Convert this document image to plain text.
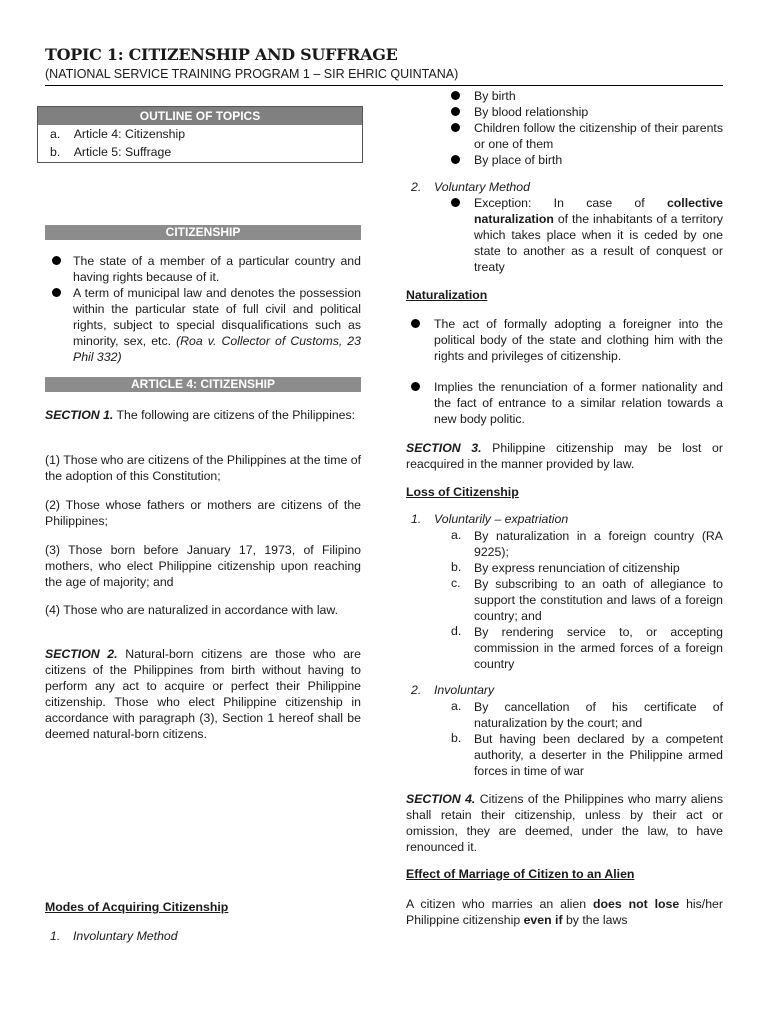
TOPIC 1: CITIZENSHIP AND SUFFRAGE
(NATIONAL SERVICE TRAINING PROGRAM 1 – SIR EHRIC QUINTANA)
OUTLINE OF TOPICS
a. Article 4: Citizenship
b. Article 5: Suffrage
CITIZENSHIP

The state of a member of a particular country and having rights because of it.

A term of municipal law and denotes the possession within the particular state of full civil and political rights, subject to special disqualifications such as minority, sex, etc. (Roa v. Collector of Customs, 23 Phil 332)

ARTICLE 4: CITIZENSHIP

SECTION 1. The following are citizens of the Philippines:

(1) Those who are citizens of the Philippines at the time of the adoption of this Constitution;

(2) Those whose fathers or mothers are citizens of the Philippines;

(3) Those born before January 17, 1973, of Filipino mothers, who elect Philippine citizenship upon reaching the age of majority; and

(4) Those who are naturalized in accordance with law.

SECTION 2. Natural-born citizens are those who are citizens of the Philippines from birth without having to perform any act to acquire or perfect their Philippine citizenship. Those who elect Philippine citizenship in accordance with paragraph (3), Section 1 hereof shall be deemed natural-born citizens.

Modes of Acquiring Citizenship
1. Involuntary Method

By birth

By blood relationship

Children follow the citizenship of their parents or one of them

By place of birth

2. Voluntary Method

Exception: In case of collective naturalization of the inhabitants of a territory which takes place when it is ceded by one state to another as a result of conquest or treaty

Naturalization

The act of formally adopting a foreigner into the political body of the state and clothing him with the rights and privileges of citizenship.

Implies the renunciation of a former nationality and the fact of entrance to a similar relation towards a new body politic.

SECTION 3. Philippine citizenship may be lost or reacquired in the manner provided by law.

Loss of Citizenship
1. Voluntarily – expatriation
a. By naturalization in a foreign country (RA 9225);

b. By express renunciation of citizenship

c. By subscribing to an oath of allegiance to support the constitution and laws of a foreign country; and

d. By rendering service to, or accepting commission in the armed forces of a foreign country

2. Involuntary
a. By cancellation of his certificate of naturalization by the court; and

b. But having been declared by a competent authority, a deserter in the Philippine armed forces in time of war

SECTION 4. Citizens of the Philippines who marry aliens shall retain their citizenship, unless by their act or omission, they are deemed, under the law, to have renounced it.

Effect of Marriage of Citizen to an Alien

A citizen who marries an alien does not lose his/her Philippine citizenship even if by the laws
